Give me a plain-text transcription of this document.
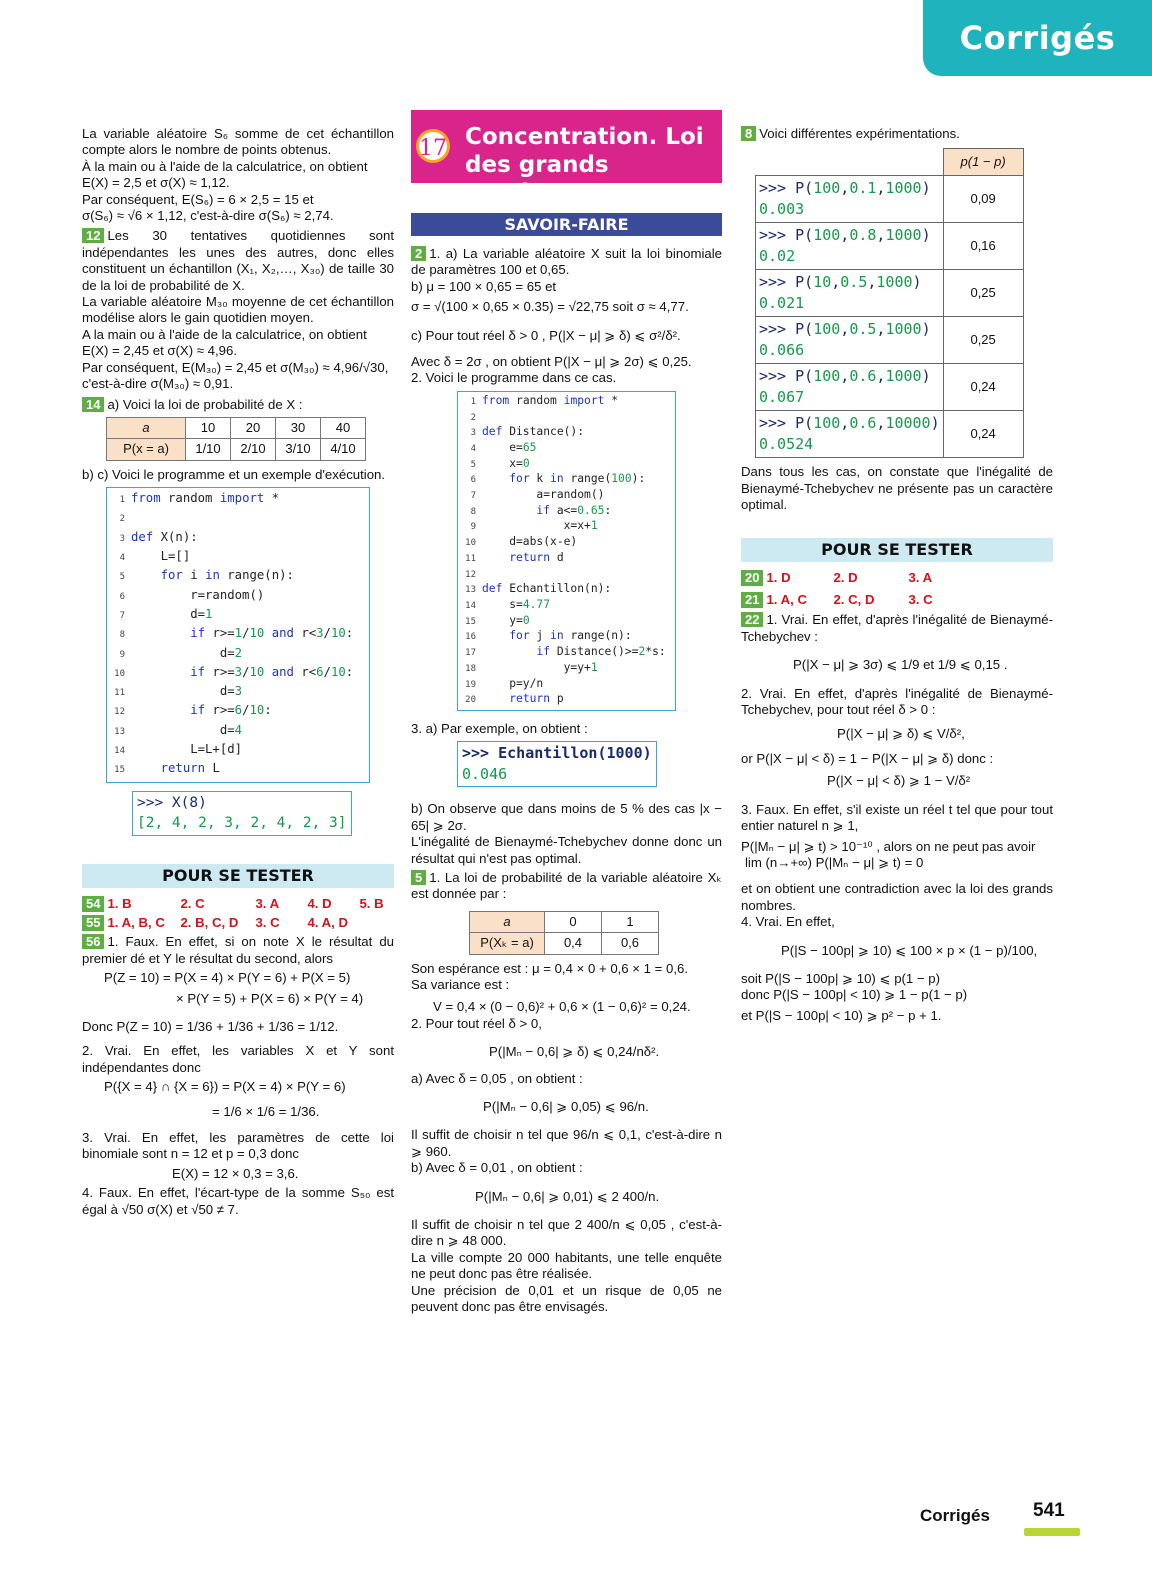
Corrigés

La variable aléatoire S₆ somme de cet échantillon compte alors le nombre de points obtenus.

À la main ou à l'aide de la calculatrice, on obtient

E(X) = 2,5 et σ(X) ≈ 1,12.

Par conséquent, E(S₆) = 6 × 2,5 = 15 et

σ(S₆) ≈ √6 × 1,12, c'est-à-dire σ(S₆) ≈ 2,74.

12 Les 30 tentatives quotidiennes sont indépendantes les unes des autres, donc elles constituent un échantillon (X₁, X₂,…, X₃₀) de taille 30 de la loi de probabilité de X.

La variable aléatoire M₃₀ moyenne de cet échantillon modélise alors le gain quotidien moyen.

A la main ou à l'aide de la calculatrice, on obtient

E(X) = 2,45 et σ(X) ≈ 4,96.

Par conséquent, E(M₃₀) = 2,45 et σ(M₃₀) ≈ 4,96/√30,

c'est-à-dire σ(M₃₀) ≈ 0,91.

14 a) Voici la loi de probabilité de X :

a	10	20	30	40
P(x = a)	1/10	2/10	3/10	4/10

b) c) Voici le programme et un exemple d'exécution.

1 from random import *
2
3 def X(n):
4    L=[]
5	for i in range(n):
6        r=random()
7        d=1
8	if r>=1/10 and r<3/10:
9            d=2
10	if r>=3/10 and r<6/10:
11            d=3
12	if r>=6/10:
13            d=4
14        L=L+[d]
15	return L
>>> X(8)
[2, 4, 2, 3, 2, 4, 2, 3]
POUR SE TESTER
54 1. B	2. C	3. A	4. D	5. B
55 1. A, B, C	2. B, C, D	3. C	4. A, D

56 1. Faux. En effet, si on note X le résultat du premier dé et Y le résultat du second, alors

P(Z = 10) = P(X = 4) × P(Y = 6) + P(X = 5)

× P(Y = 5) + P(X = 6) × P(Y = 4)

Donc P(Z = 10) = 1/36 + 1/36 + 1/36 = 1/12.

2. Vrai. En effet, les variables X et Y sont indépendantes donc

P({X = 4} ∩ {X = 6}) = P(X = 4) × P(Y = 6)

= 1/6 × 1/6 = 1/36.

3. Vrai. En effet, les paramètres de cette loi binomiale sont n = 12 et p = 0,3 donc

E(X) = 12 × 0,3 = 3,6.

4. Faux. En effet, l'écart-type de la somme S₅₀ est égal à √50 σ(X) et √50 ≠ 7.

17 Concentration. Loi
des grands nombres
SAVOIR-FAIRE

2 1. a) La variable aléatoire X suit la loi binomiale de paramètres 100 et 0,65.

b) μ = 100 × 0,65 = 65 et

σ = √(100 × 0,65 × 0.35) = √22,75 soit σ ≈ 4,77.

c) Pour tout réel δ > 0 , P(|X − μ| ⩾ δ) ⩽ σ²/δ².

Avec δ = 2σ , on obtient P(|X − μ| ⩾ 2σ) ⩽ 0,25.

2. Voici le programme dans ce cas.

1 from random import *
2
3 def Distance():
4    e=65
5    x=0
6	for k in range(100):
7        a=random()
8	if a<=0.65:
9            x=x+1
10    d=abs(x-e)
11	return d
12
13 def Echantillon(n):
14    s=4.77
15    y=0
16	for j in range(n):
17	if Distance()>=2*s:
18            y=y+1
19    p=y/n
20	return p

3. a) Par exemple, on obtient :

>>> Echantillon(1000)
0.046

b) On observe que dans moins de 5 % des cas |x − 65| ⩾ 2σ.

L'inégalité de Bienaymé-Tchebychev donne donc un résultat qui n'est pas optimal.

5 1. La loi de probabilité de la variable aléatoire Xₖ est donnée par :

a	0	1
P(Xₖ = a)	0,4	0,6

Son espérance est : μ = 0,4 × 0 + 0,6 × 1 = 0,6.

Sa variance est :

V = 0,4 × (0 − 0,6)² + 0,6 × (1 − 0,6)² = 0,24.

2. Pour tout réel δ > 0,

P(|Mₙ − 0,6| ⩾ δ) ⩽ 0,24/nδ².

a) Avec δ = 0,05 , on obtient :

P(|Mₙ − 0,6| ⩾ 0,05) ⩽ 96/n.

Il suffit de choisir n tel que 96/n ⩽ 0,1, c'est-à-dire n ⩾ 960.

b) Avec δ = 0,01 , on obtient :

P(|Mₙ − 0,6| ⩾ 0,01) ⩽ 2 400/n.

Il suffit de choisir n tel que 2 400/n ⩽ 0,05 , c'est-à-dire n ⩾ 48 000.

La ville compte 20 000 habitants, une telle enquête ne peut donc pas être réalisée.

Une précision de 0,01 et un risque de 0,05 ne peuvent donc pas être envisagés.

8 Voici différentes expérimentations.

	p(1 − p)
>>> P(100,0.1,1000)
0.003	0,09
>>> P(100,0.8,1000)
0.02	0,16
>>> P(10,0.5,1000)
0.021	0,25
>>> P(100,0.5,1000)
0.066	0,25
>>> P(100,0.6,1000)
0.067	0,24
>>> P(100,0.6,10000)
0.0524	0,24

Dans tous les cas, on constate que l'inégalité de Bienaymé-Tchebychev ne présente pas un caractère optimal.

POUR SE TESTER
20 1. D	2. D	3. A
21 1. A, C	2. C, D	3. C

22 1. Vrai. En effet, d'après l'inégalité de Bienaymé-Tchebychev :

P(|X − μ| ⩾ 3σ) ⩽ 1/9 et 1/9 ⩽ 0,15 .

2. Vrai. En effet, d'après l'inégalité de Bienaymé-Tchebychev, pour tout réel δ > 0 :

P(|X − μ| ⩾ δ) ⩽ V/δ²,

or P(|X − μ| < δ) = 1 − P(|X − μ| ⩾ δ) donc :

P(|X − μ| < δ) ⩾ 1 − V/δ²

3. Faux. En effet, s'il existe un réel t tel que pour tout entier naturel n ⩾ 1,

P(|Mₙ − μ| ⩾ t) > 10⁻¹⁰ , alors on ne peut pas avoir

lim (n→+∞) P(|Mₙ − μ| ⩾ t) = 0

et on obtient une contradiction avec la loi des grands nombres.

4. Vrai. En effet,

P(|S − 100p| ⩾ 10) ⩽ 100 × p × (1 − p)/100,

soit P(|S − 100p| ⩾ 10) ⩽ p(1 − p)

donc P(|S − 100p| < 10) ⩾ 1 − p(1 − p)

et P(|S − 100p| < 10) ⩾ p² − p + 1.

Corrigés 541
